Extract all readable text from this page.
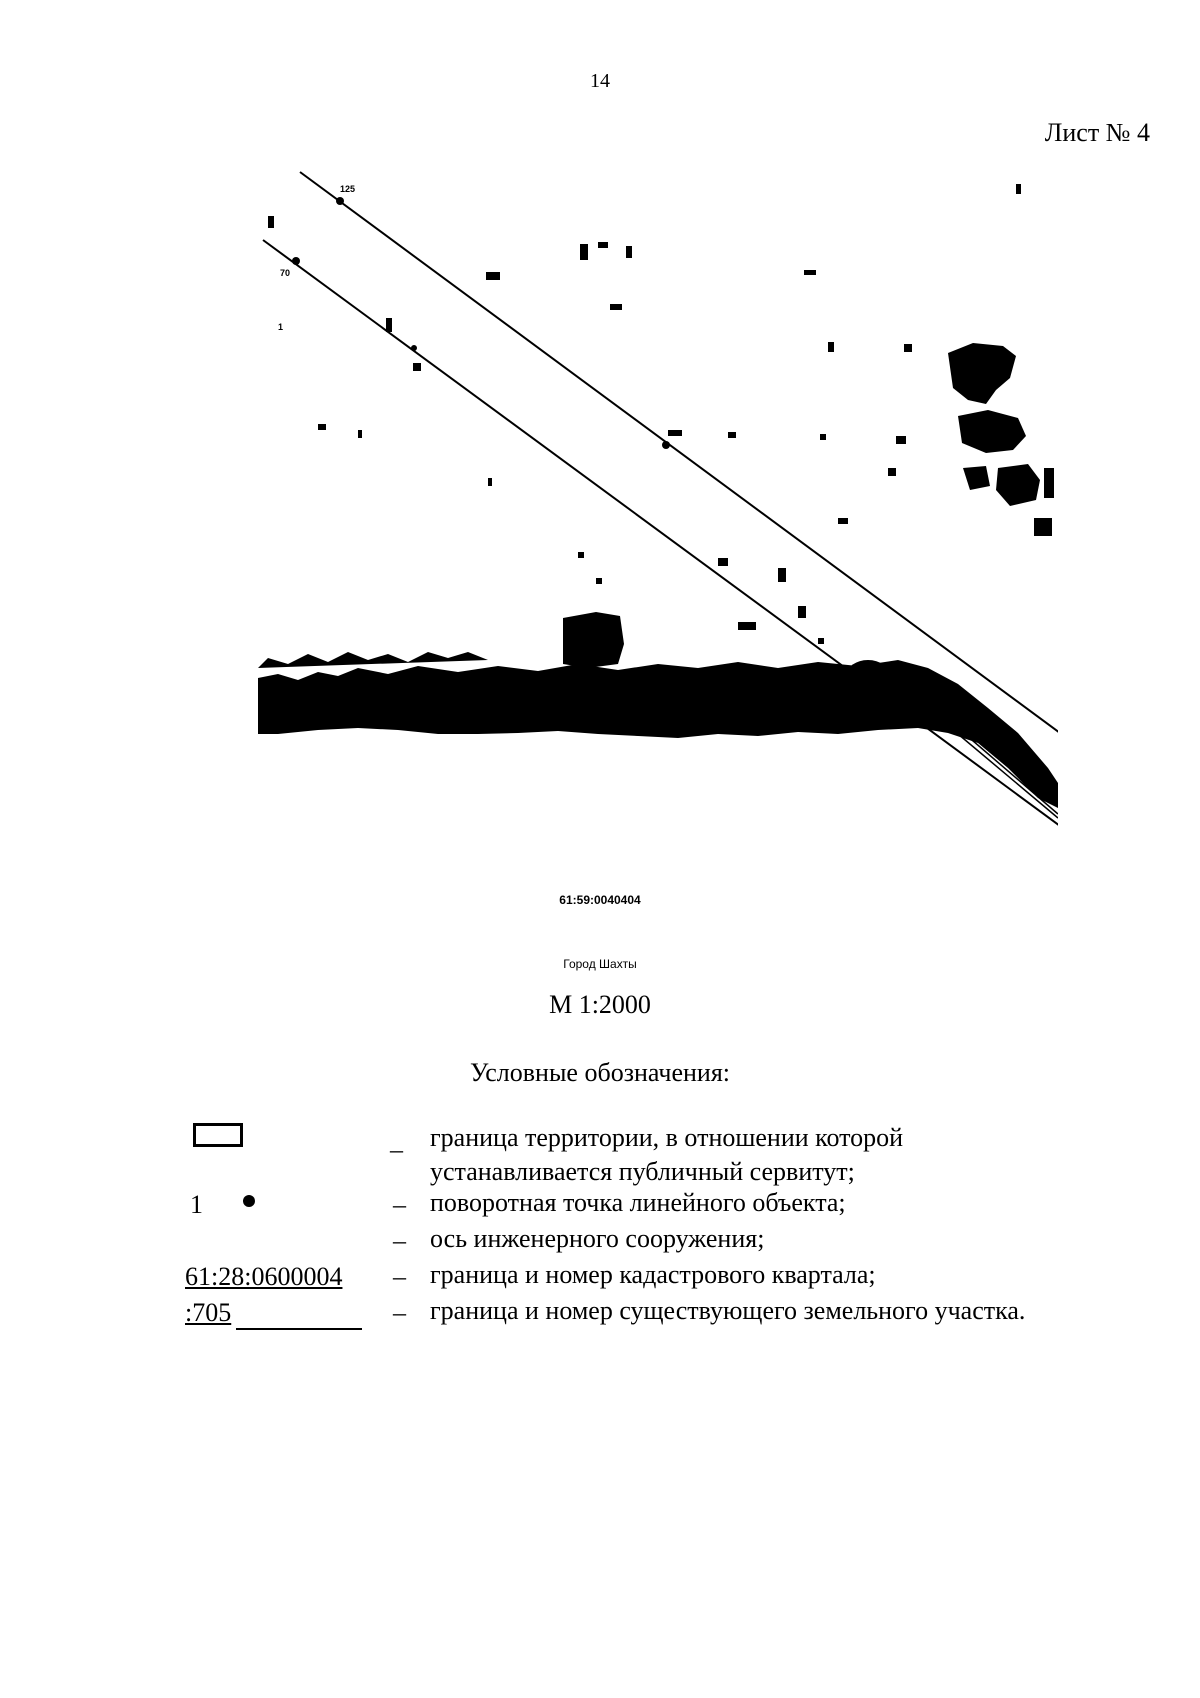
14
Лист № 4
125
70
1
61:59:0040404
Город Шахты
М 1:2000
Условные обозначения:
– граница территории, в отношении которой
устанавливается публичный сервитут;
1	– поворотная точка линейного объекта;
– ось инженерного сооружения;
61:28:0600004 – граница и номер кадастрового квартала;
:705	– граница и номер существующего земельного участка.
